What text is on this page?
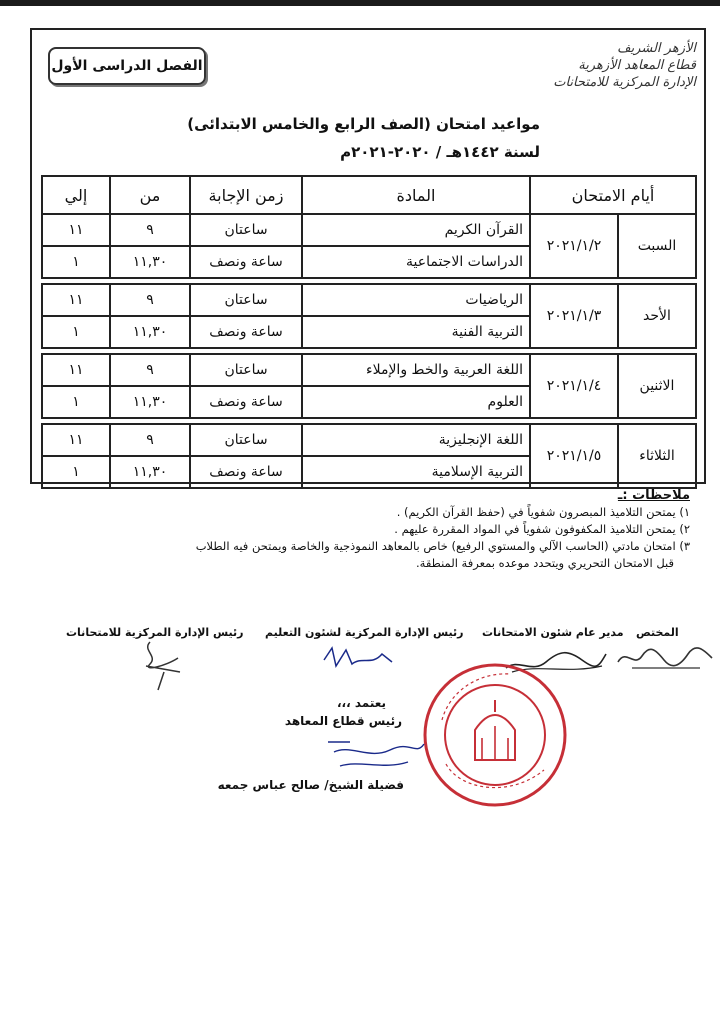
الفصل الدراسى الأول
الأزهر الشريف
قطاع المعاهد الأزهرية
الإدارة المركزية للامتحانات
مواعيد امتحان (الصف الرابع والخامس الابتدائى)
لسنة ١٤٤٢هـ / ٢٠٢٠-٢٠٢١م
أيام الامتحان		المادة	زمن الإجابة	من	إلي
السبت	٢٠٢١/١/٢	القرآن الكريم	ساعتان	٩	١١
		الدراسات الاجتماعية	ساعة ونصف	١١,٣٠	١

الأحد	٢٠٢١/١/٣	الرياضيات	ساعتان	٩	١١
		التربية الفنية	ساعة ونصف	١١,٣٠	١

الاثنين	٢٠٢١/١/٤	اللغة العربية والخط والإملاء	ساعتان	٩	١١
		العلوم	ساعة ونصف	١١,٣٠	١

الثلاثاء	٢٠٢١/١/٥	اللغة الإنجليزية	ساعتان	٩	١١
		التربية الإسلامية	ساعة ونصف	١١,٣٠	١

ملاحظات :ـ

١) يمتحن التلاميذ المبصرون شفوياً في (حفظ القرآن الكريم) .

٢) يمتحن التلاميذ المكفوفون شفوياً في المواد المقررة عليهم .

٣) امتحان مادتي (الحاسب الآلي والمستوي الرفيع) خاص بالمعاهد النموذجية والخاصة ويمتحن فيه الطلاب

قبل الامتحان التحريري ويتحدد موعده بمعرفة المنطقة.

المختص
مدير عام شئون الامتحانات
رئيس الإدارة المركزية لشئون التعليم
رئيس الإدارة المركزية للامتحانات
يعتمد ،،،
رئيس قطاع المعاهد
فضيلة الشيخ/ صالح عباس جمعه
